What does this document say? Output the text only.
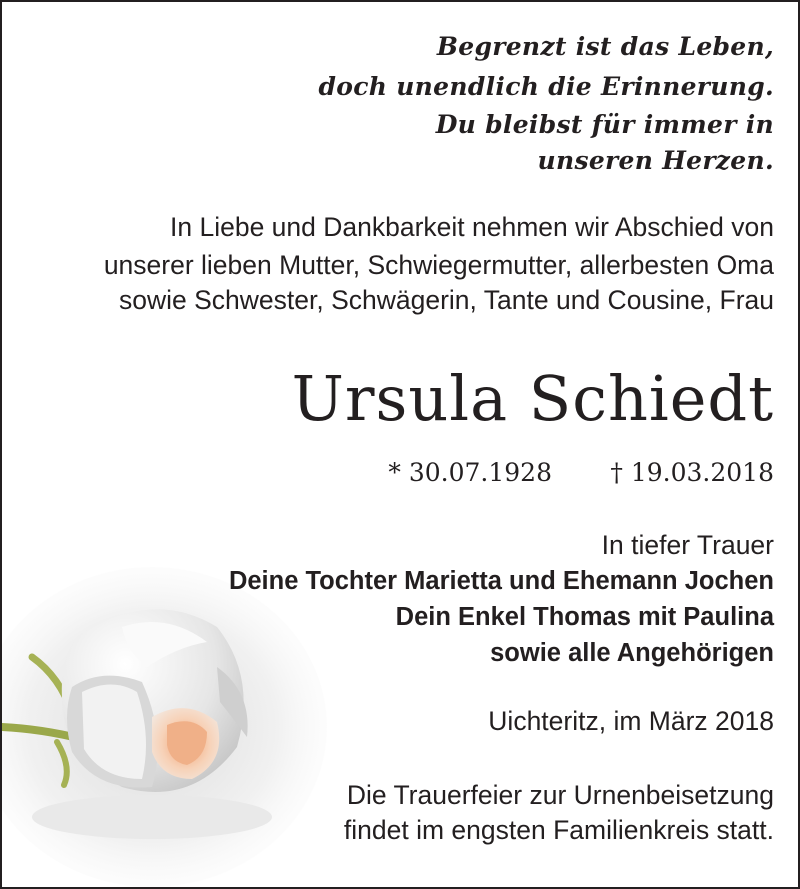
Begrenzt ist das Leben,
doch unendlich die Erinnerung.
Du bleibst für immer in
unseren Herzen.
In Liebe und Dankbarkeit nehmen wir Abschied von
unserer lieben Mutter, Schwiegermutter, allerbesten Oma
sowie Schwester, Schwägerin, Tante und Cousine, Frau
Ursula Schiedt
* 30.07.1928 † 19.03.2018
In tiefer Trauer
Deine Tochter Marietta und Ehemann Jochen
Dein Enkel Thomas mit Paulina
sowie alle Angehörigen
Uichteritz, im März 2018
Die Trauerfeier zur Urnenbeisetzung
findet im engsten Familienkreis statt.
